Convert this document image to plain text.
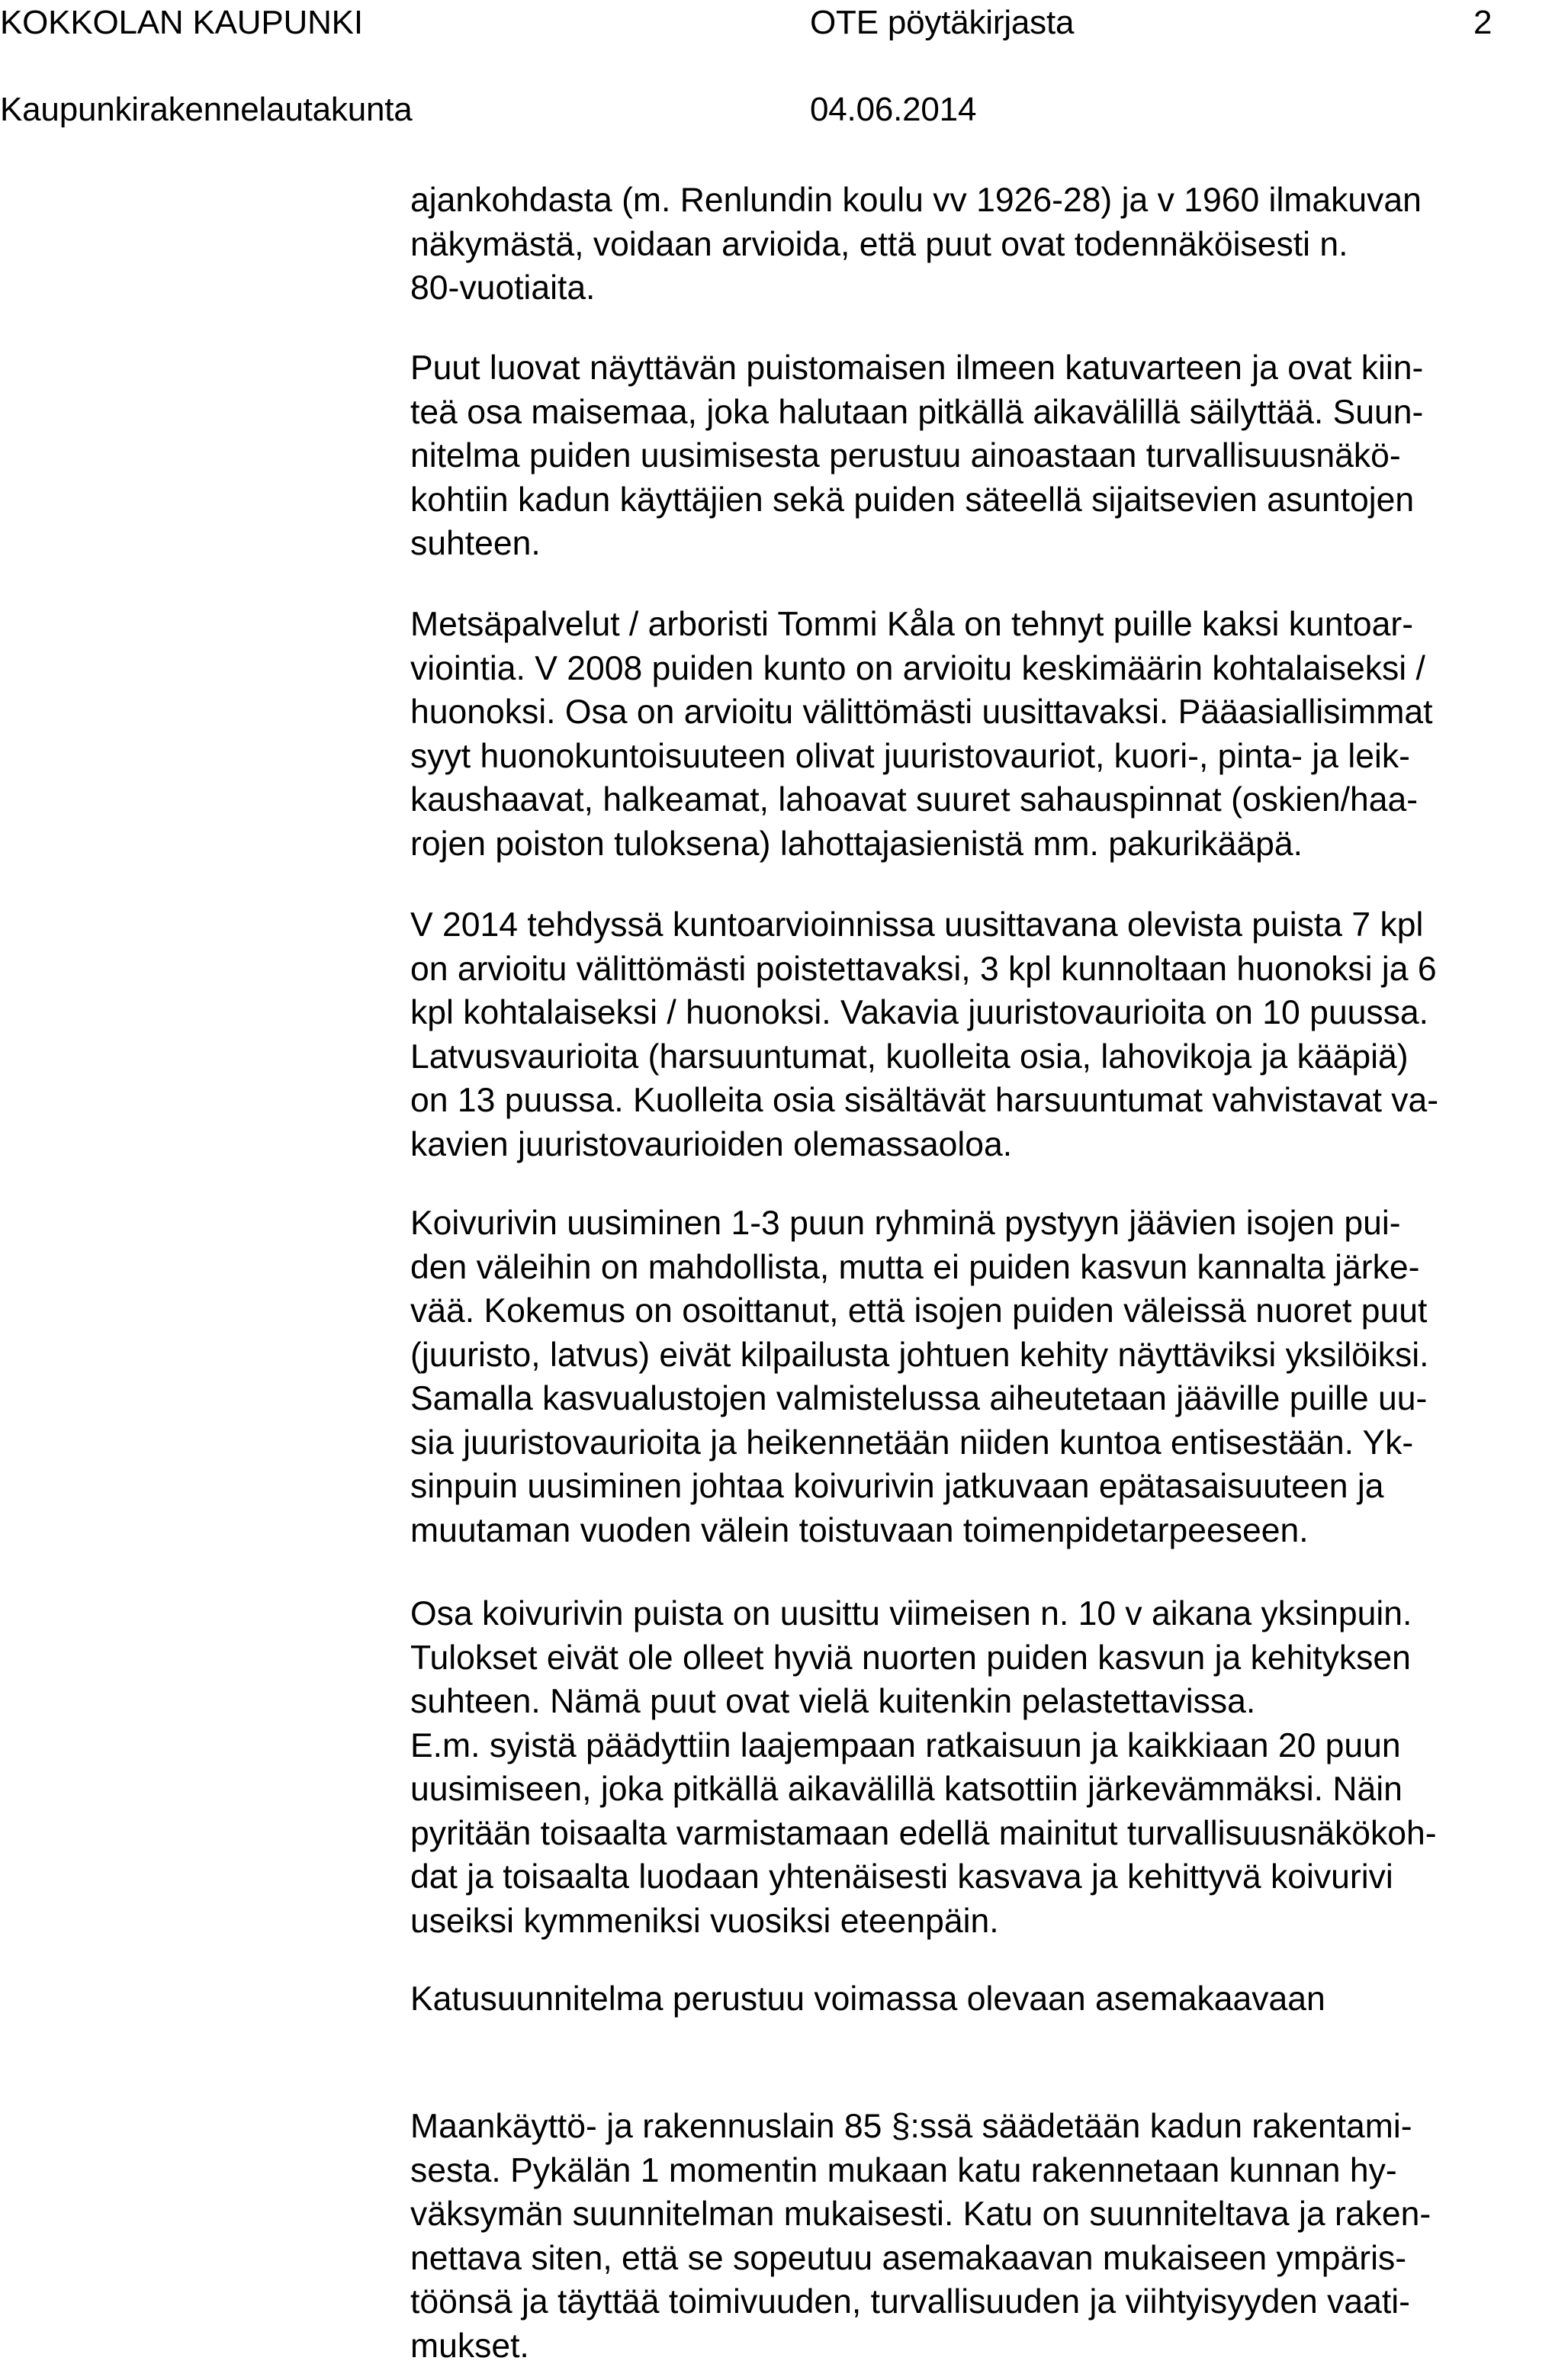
KOKKOLAN KAUPUNKI	OTE pöytäkirjasta	2
Kaupunkirakennelautakunta	04.06.2014

ajankohdasta (m. Renlundin koulu vv 1926-28) ja v 1960 ilmakuvan
näkymästä, voidaan arvioida, että puut ovat todennäköisesti n.
80-vuotiaita.

Puut luovat näyttävän puistomaisen ilmeen katuvarteen ja ovat kiin-
teä osa maisemaa, joka halutaan pitkällä aikavälillä säilyttää. Suun-
nitelma puiden uusimisesta perustuu ainoastaan turvallisuusnäkö-
kohtiin kadun käyttäjien sekä puiden säteellä sijaitsevien asuntojen
suhteen.

Metsäpalvelut / arboristi Tommi Kåla on tehnyt puille kaksi kuntoar-
viointia. V 2008 puiden kunto on arvioitu keskimäärin kohtalaiseksi /
huonoksi. Osa on arvioitu välittömästi uusittavaksi. Pääasiallisimmat
syyt huonokuntoisuuteen olivat juuristovauriot, kuori-, pinta- ja leik-
kaushaavat, halkeamat, lahoavat suuret sahauspinnat (oskien/haa-
rojen poiston tuloksena) lahottajasienistä mm. pakurikääpä.

V 2014 tehdyssä kuntoarvioinnissa uusittavana olevista puista 7 kpl
on arvioitu välittömästi poistettavaksi, 3 kpl kunnoltaan huonoksi ja 6
kpl kohtalaiseksi / huonoksi. Vakavia juuristovaurioita on 10 puussa.
Latvusvaurioita (harsuuntumat, kuolleita osia, lahovikoja ja kääpiä)
on 13 puussa. Kuolleita osia sisältävät harsuuntumat vahvistavat va-
kavien juuristovaurioiden olemassaoloa.

Koivurivin uusiminen 1-3 puun ryhminä pystyyn jäävien isojen pui-
den väleihin on mahdollista, mutta ei puiden kasvun kannalta järke-
vää. Kokemus on osoittanut, että isojen puiden väleissä nuoret puut
(juuristo, latvus) eivät kilpailusta johtuen kehity näyttäviksi yksilöiksi.
Samalla kasvualustojen valmistelussa aiheutetaan jääville puille uu-
sia juuristovaurioita ja heikennetään niiden kuntoa entisestään. Yk-
sinpuin uusiminen johtaa koivurivin jatkuvaan epätasaisuuteen ja
muutaman vuoden välein toistuvaan toimenpidetarpeeseen.

Osa koivurivin puista on uusittu viimeisen n. 10 v aikana yksinpuin.
Tulokset eivät ole olleet hyviä nuorten puiden kasvun ja kehityksen
suhteen. Nämä puut ovat vielä kuitenkin pelastettavissa.
E.m. syistä päädyttiin laajempaan ratkaisuun ja kaikkiaan 20 puun
uusimiseen, joka pitkällä aikavälillä katsottiin järkevämmäksi. Näin
pyritään toisaalta varmistamaan edellä mainitut turvallisuusnäkökoh-
dat ja toisaalta luodaan yhtenäisesti kasvava ja kehittyvä koivurivi
useiksi kymmeniksi vuosiksi eteenpäin.

Katusuunnitelma perustuu voimassa olevaan asemakaavaan

Maankäyttö- ja rakennuslain 85 §:ssä säädetään kadun rakentami-
sesta. Pykälän 1 momentin mukaan katu rakennetaan kunnan hy-
väksymän suunnitelman mukaisesti. Katu on suunniteltava ja raken-
nettava siten, että se sopeutuu asemakaavan mukaiseen ympäris-
töönsä ja täyttää toimivuuden, turvallisuuden ja viihtyisyyden vaati-
mukset.
